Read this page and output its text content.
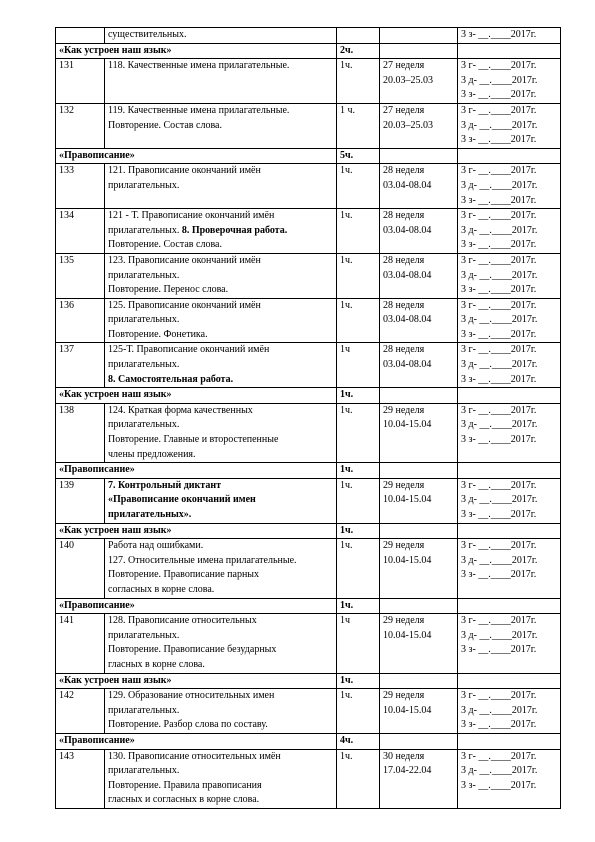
	существительных.			3 з- __.____2017г.

«Как устроен наш язык»		2ч.		
131	118. Качественные имена прилагательные.	1ч.	27 неделя
20.03–25.03	3 г- __.____2017г.
3 д- __.____2017г.
3 з- __.____2017г.

132	119. Качественные имена прилагательные.
Повторение. Состав слова.	1 ч.	27 неделя
20.03–25.03	3 г- __.____2017г.
3 д- __.____2017г.
3 з- __.____2017г.

«Правописание»		5ч.		
133	121. Правописание окончаний имён
прилагательных.	1ч.	28 неделя
03.04-08.04	3 г- __.____2017г.
3 д- __.____2017г.
3 з- __.____2017г.

134	121 - Т. Правописание окончаний имён
прилагательных. 8. Проверочная работа.
Повторение. Состав слова.	1ч.	28 неделя
03.04-08.04	3 г- __.____2017г.
3 д- __.____2017г.
3 з- __.____2017г.

135	123. Правописание окончаний имён
прилагательных.
Повторение. Перенос слова.	1ч.	28 неделя
03.04-08.04	3 г- __.____2017г.
3 д- __.____2017г.
3 з- __.____2017г.

136	125. Правописание окончаний имён
прилагательных.
Повторение. Фонетика.	1ч.	28 неделя
03.04-08.04	3 г- __.____2017г.
3 д- __.____2017г.
3 з- __.____2017г.

137	125-Т. Правописание окончаний имён
прилагательных.
8. Самостоятельная работа.	1ч	28 неделя
03.04-08.04	3 г- __.____2017г.
3 д- __.____2017г.
3 з- __.____2017г.

«Как устроен наш язык»		1ч.		
138	124. Краткая форма качественных
прилагательных.
Повторение. Главные и второстепенные
члены предложения.	1ч.	29 неделя
10.04-15.04	3 г- __.____2017г.
3 д- __.____2017г.
3 з- __.____2017г.

«Правописание»		1ч.		
139	7. Контрольный диктант
«Правописание окончаний имен
прилагательных».	1ч.	29 неделя
10.04-15.04	3 г- __.____2017г.
3 д- __.____2017г.
3 з- __.____2017г.

«Как устроен наш язык»		1ч.		
140	Работа над ошибками.
127. Относительные имена прилагательные.
Повторение. Правописание парных
согласных в корне слова.	1ч.	29 неделя
10.04-15.04	3 г- __.____2017г.
3 д- __.____2017г.
3 з- __.____2017г.

«Правописание»		1ч.		
141	128. Правописание относительных
прилагательных.
Повторение. Правописание безударных
гласных в корне слова.	1ч	29 неделя
10.04-15.04	3 г- __.____2017г.
3 д- __.____2017г.
3 з- __.____2017г.

«Как устроен наш язык»		1ч.		
142	129. Образование относительных имен
прилагательных.
Повторение. Разбор слова по составу.	1ч.	29 неделя
10.04-15.04	3 г- __.____2017г.
3 д- __.____2017г.
3 з- __.____2017г.

«Правописание»		4ч.		
143	130. Правописание относительных имён
прилагательных.
Повторение. Правила правописания
гласных и согласных в корне слова.	1ч.	30 неделя
17.04-22.04	3 г- __.____2017г.
3 д- __.____2017г.
3 з- __.____2017г.
